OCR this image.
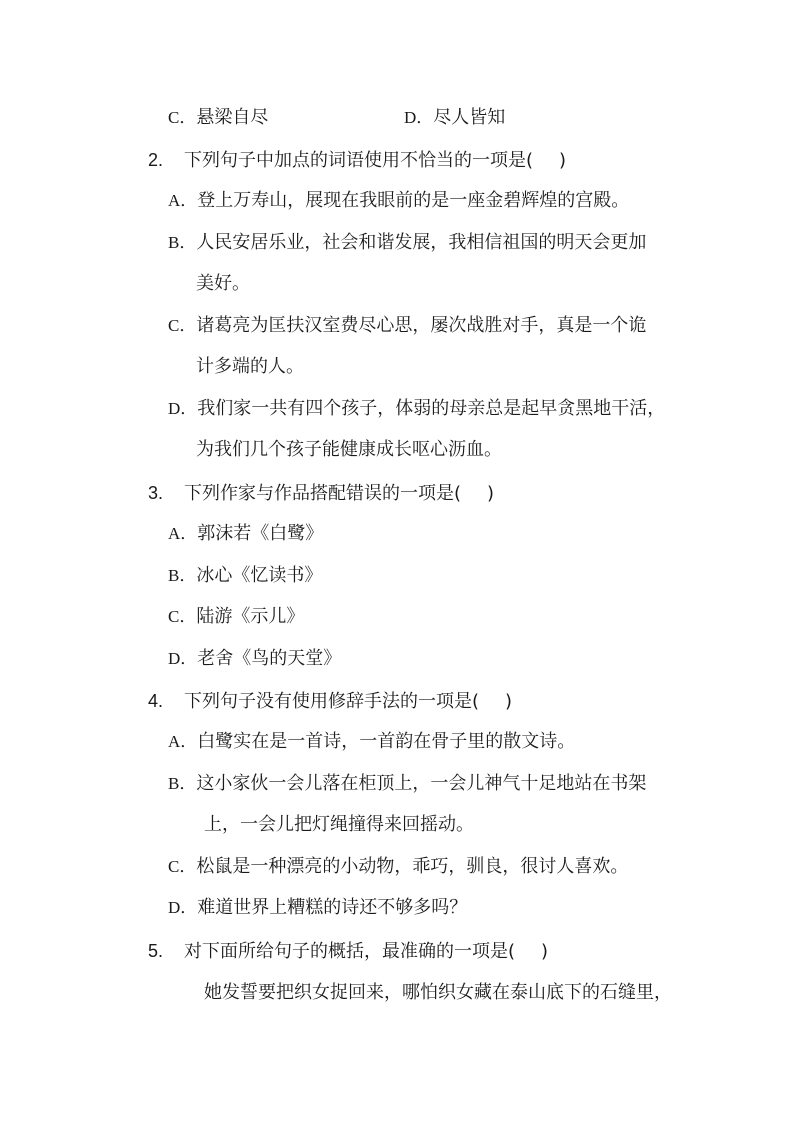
C．悬梁自尽	D．尽人皆知
2. 下列句子中加点的词语使用不恰当的一项是( )
A．登上万寿山，展现在我眼前的是一座金碧辉煌的宫殿。
B．人民安居乐业，社会和谐发展，我相信祖国的明天会更加
美好。
C．诸葛亮为匡扶汉室费尽心思，屡次战胜对手，真是一个诡
计多端的人。
D．我们家一共有四个孩子，体弱的母亲总是起早贪黑地干活，
为我们几个孩子能健康成长呕心沥血。
3. 下列作家与作品搭配错误的一项是( )
A．郭沫若《白鹭》
B．冰心《忆读书》
C．陆游《示儿》
D．老舍《鸟的天堂》
4. 下列句子没有使用修辞手法的一项是( )
A．白鹭实在是一首诗，一首韵在骨子里的散文诗。
B．这小家伙一会儿落在柜顶上，一会儿神气十足地站在书架
上，一会儿把灯绳撞得来回摇动。
C．松鼠是一种漂亮的小动物，乖巧，驯良，很讨人喜欢。
D．难道世界上糟糕的诗还不够多吗？
5. 对下面所给句子的概括，最准确的一项是( )
她发誓要把织女捉回来，哪怕织女藏在泰山底下的石缝里，
